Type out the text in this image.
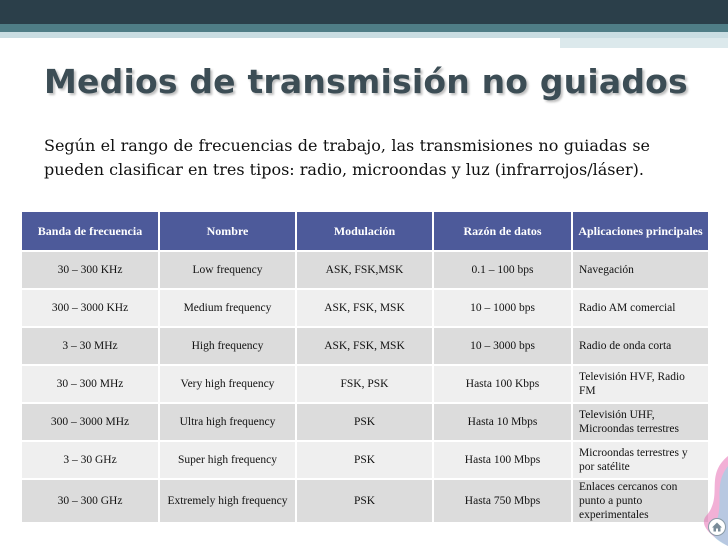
Medios de transmisión no guiados

Según el rango de frecuencias de trabajo, las transmisiones no guiadas se pueden clasificar en tres tipos: radio, microondas y luz (infrarrojos/láser).

Banda de frecuencia	Nombre	Modulación	Razón de datos	Aplicaciones principales
30 – 300 KHz	Low frequency	ASK, FSK,MSK	0.1 – 100 bps	Navegación
300 – 3000 KHz	Medium frequency	ASK, FSK, MSK	10 – 1000 bps	Radio AM comercial
3 – 30 MHz	High frequency	ASK, FSK, MSK	10 – 3000 bps	Radio de onda corta
30 – 300 MHz	Very high frequency	FSK, PSK	Hasta 100 Kbps	Televisión HVF, Radio FM
300 – 3000 MHz	Ultra high frequency	PSK	Hasta 10 Mbps	Televisión UHF, Microondas terrestres
3 – 30 GHz	Super high frequency	PSK	Hasta 100 Mbps	Microondas terrestres y por satélite
30 – 300 GHz	Extremely high frequency	PSK	Hasta 750 Mbps	Enlaces cercanos con punto a punto experimentales
